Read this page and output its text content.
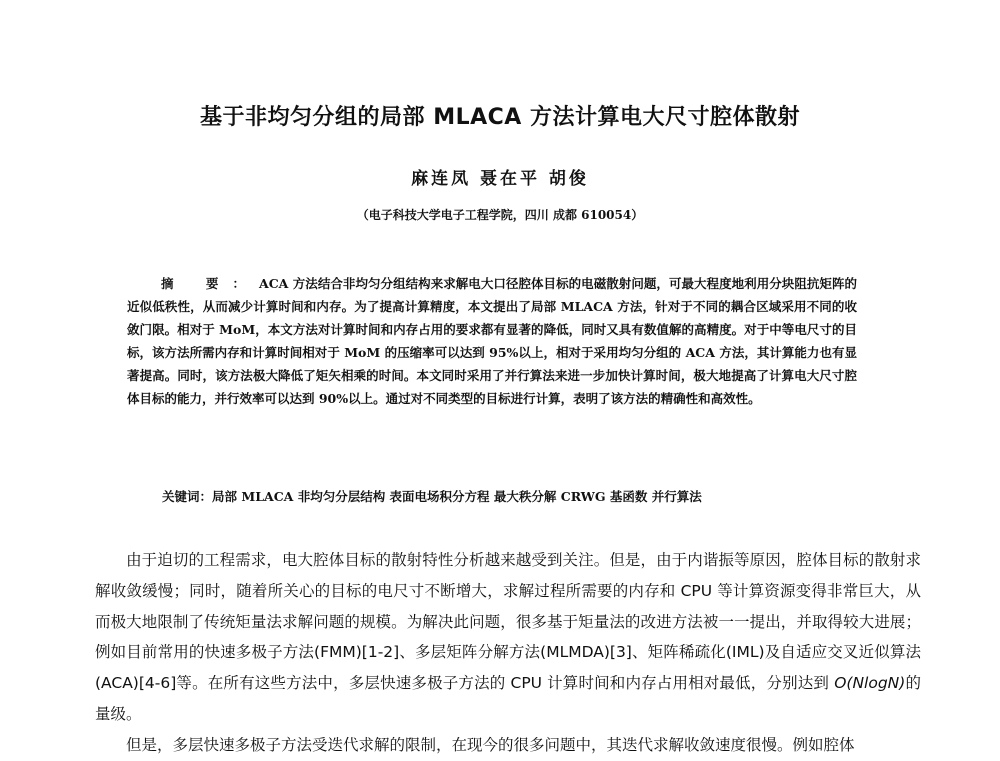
基于非均匀分组的局部 MLACA 方法计算电大尺寸腔体散射
麻连凤 聂在平 胡俊
（电子科技大学电子工程学院，四川 成都 610054）

摘 要：ACA 方法结合非均匀分组结构来求解电大口径腔体目标的电磁散射问题，可最大程度地利用分块阻抗矩阵的近似低秩性，从而减少计算时间和内存。为了提高计算精度，本文提出了局部 MLACA 方法，针对于不同的耦合区域采用不同的收敛门限。相对于 MoM，本文方法对计算时间和内存占用的要求都有显著的降低，同时又具有数值解的高精度。对于中等电尺寸的目标，该方法所需内存和计算时间相对于 MoM 的压缩率可以达到 95%以上，相对于采用均匀分组的 ACA 方法，其计算能力也有显著提高。同时，该方法极大降低了矩矢相乘的时间。本文同时采用了并行算法来进一步加快计算时间，极大地提高了计算电大尺寸腔体目标的能力，并行效率可以达到 90%以上。通过对不同类型的目标进行计算，表明了该方法的精确性和高效性。

关键词：局部 MLACA 非均匀分层结构 表面电场积分方程 最大秩分解 CRWG 基函数 并行算法

由于迫切的工程需求，电大腔体目标的散射特性分析越来越受到关注。但是，由于内谐振等原因，腔体目标的散射求解收敛缓慢；同时，随着所关心的目标的电尺寸不断增大，求解过程所需要的内存和 CPU 等计算资源变得非常巨大，从而极大地限制了传统矩量法求解问题的规模。为解决此问题，很多基于矩量法的改进方法被一一提出，并取得较大进展；例如目前常用的快速多极子方法(FMM)[1-2]、多层矩阵分解方法(MLMDA)[3]、矩阵稀疏化(IML)及自适应交叉近似算法(ACA)[4-6]等。在所有这些方法中，多层快速多极子方法的 CPU 计算时间和内存占用相对最低，分别达到 O(NlogN)的量级。

但是，多层快速多极子方法受迭代求解的限制，在现今的很多问题中，其迭代求解收敛速度很慢。例如腔体
